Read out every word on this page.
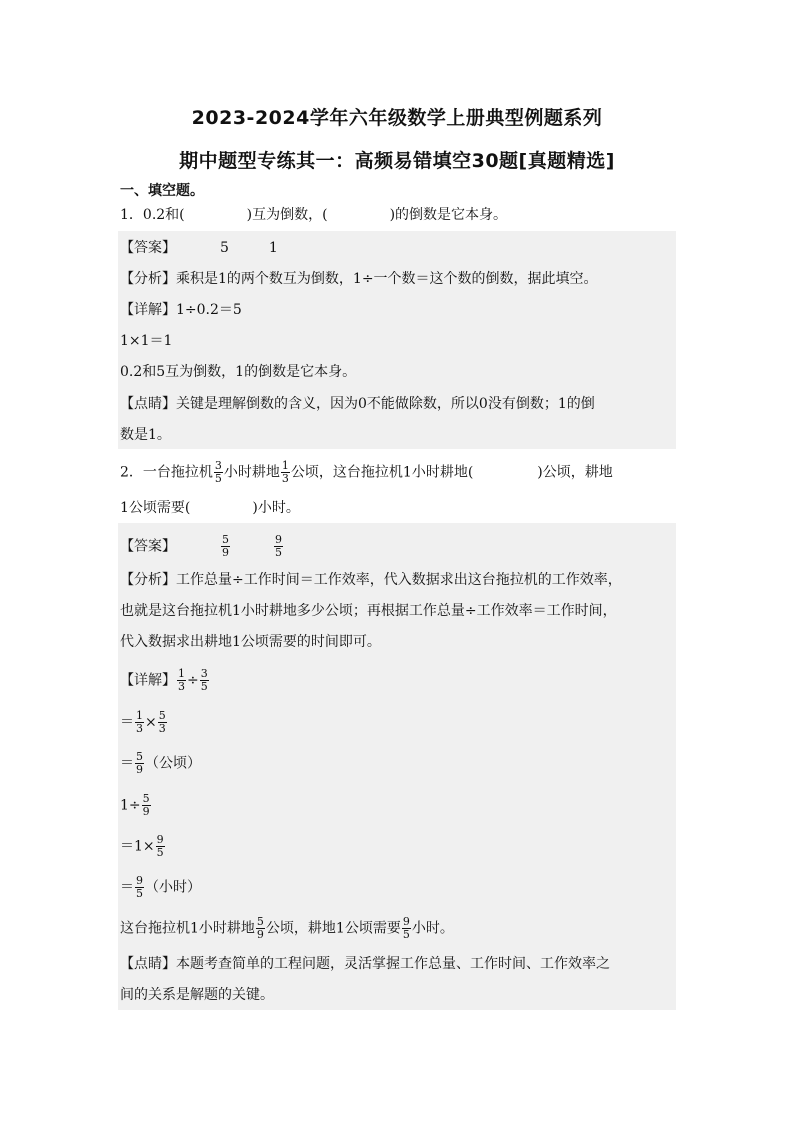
2023-2024学年六年级数学上册典型例题系列
期中题型专练其一：高频易错填空30题[真题精选]
一、填空题。
1．0.2和(	)互为倒数，(	)的倒数是它本身。
【答案】	5	1
【分析】乘积是1的两个数互为倒数，1÷一个数＝这个数的倒数，据此填空。
【详解】1÷0.2＝5
1×1＝1
0.2和5互为倒数，1的倒数是它本身。
【点睛】关键是理解倒数的含义，因为0不能做除数，所以0没有倒数；1的倒
数是1。
2．一台拖拉机 $\frac{3}{5}$ 小时耕地 $\frac{1}{3}$ 公顷，这台拖拉机1小时耕地(	)公顷，耕地
1公顷需要(	)小时。
【答案】	$\frac{5}{9}$	$\frac{9}{5}$
【分析】工作总量÷工作时间＝工作效率，代入数据求出这台拖拉机的工作效率，
也就是这台拖拉机1小时耕地多少公顷；再根据工作总量÷工作效率＝工作时间，
代入数据求出耕地1公顷需要的时间即可。
【详解】 $\frac{1}{3} \div \frac{3}{5}$
＝ $\frac{1}{3} \times \frac{5}{3}$
＝ $\frac{5}{9}$ （公顷）
$1\div \frac{5}{9}$
$=1\times \frac{9}{5}$
＝ $\frac{9}{5}$ （小时）
这台拖拉机1小时耕地 $\frac{5}{9}$ 公顷，耕地1公顷需要 $\frac{9}{5}$ 小时。
【点睛】本题考查简单的工程问题，灵活掌握工作总量、工作时间、工作效率之
间的关系是解题的关键。
